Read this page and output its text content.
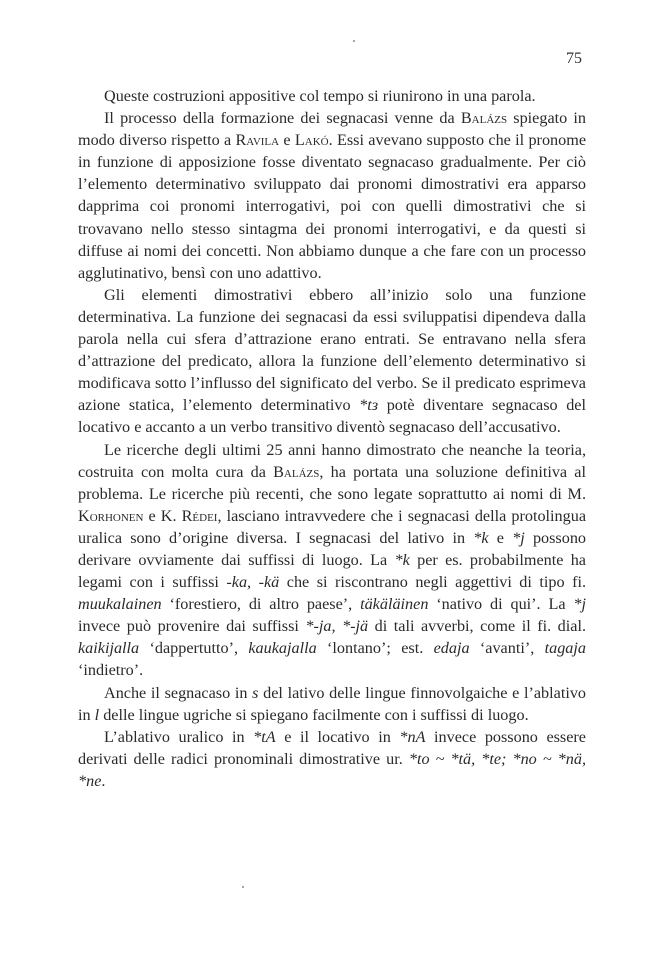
75

Queste costruzioni appositive col tempo si riunirono in una parola.

Il processo della formazione dei segnacasi venne da Balázs spiegato in modo diverso rispetto a Ravila e Lakó. Essi avevano supposto che il pronome in funzione di apposizione fosse diventato segnacaso gradualmente. Per ciò l’elemento determinativo sviluppato dai pronomi dimostrativi era apparso dapprima coi pronomi interrogativi, poi con quelli dimostrativi che si trovavano nello stesso sintagma dei pronomi interrogativi, e da questi si diffuse ai nomi dei concetti. Non abbiamo dunque a che fare con un processo agglutinativo, bensì con uno adattivo.

Gli elementi dimostrativi ebbero all’inizio solo una funzione determinativa. La funzione dei segnacasi da essi sviluppatisi dipendeva dalla parola nella cui sfera d’attrazione erano entrati. Se entravano nella sfera d’attrazione del predicato, allora la funzione dell’elemento determinativo si modificava sotto l’influsso del significato del verbo. Se il predicato esprimeva azione statica, l’elemento determinativo *tз potè diventare segnacaso del locativo e accanto a un verbo transitivo diventò segnacaso dell’accusativo.

Le ricerche degli ultimi 25 anni hanno dimostrato che neanche la teoria, costruita con molta cura da Balázs, ha portata una soluzione definitiva al problema. Le ricerche più recenti, che sono legate soprattutto ai nomi di M. Korhonen e K. Rédei, lasciano intravvedere che i segnacasi della protolingua uralica sono d’origine diversa. I segnacasi del lativo in *k e *j possono derivare ovviamente dai suffissi di luogo. La *k per es. probabilmente ha legami con i suffissi -ka, -kä che si riscontrano negli aggettivi di tipo fi. muukalainen ‘forestiero, di altro paese’, täkäläinen ‘nativo di qui’. La *j invece può provenire dai suffissi *-ja, *-jä di tali avverbi, come il fi. dial. kaikijalla ‘dappertutto’, kaukajalla ‘lontano’; est. edaja ‘avanti’, tagaja ‘indietro’.

Anche il segnacaso in s del lativo delle lingue finnovolgaiche e l’ablativo in l delle lingue ugriche si spiegano facilmente con i suffissi di luogo.

L’ablativo uralico in *tA e il locativo in *nA invece possono essere derivati delle radici pronominali dimostrative ur. *to ~ *tä, *te; *no ~ *nä, *ne.
